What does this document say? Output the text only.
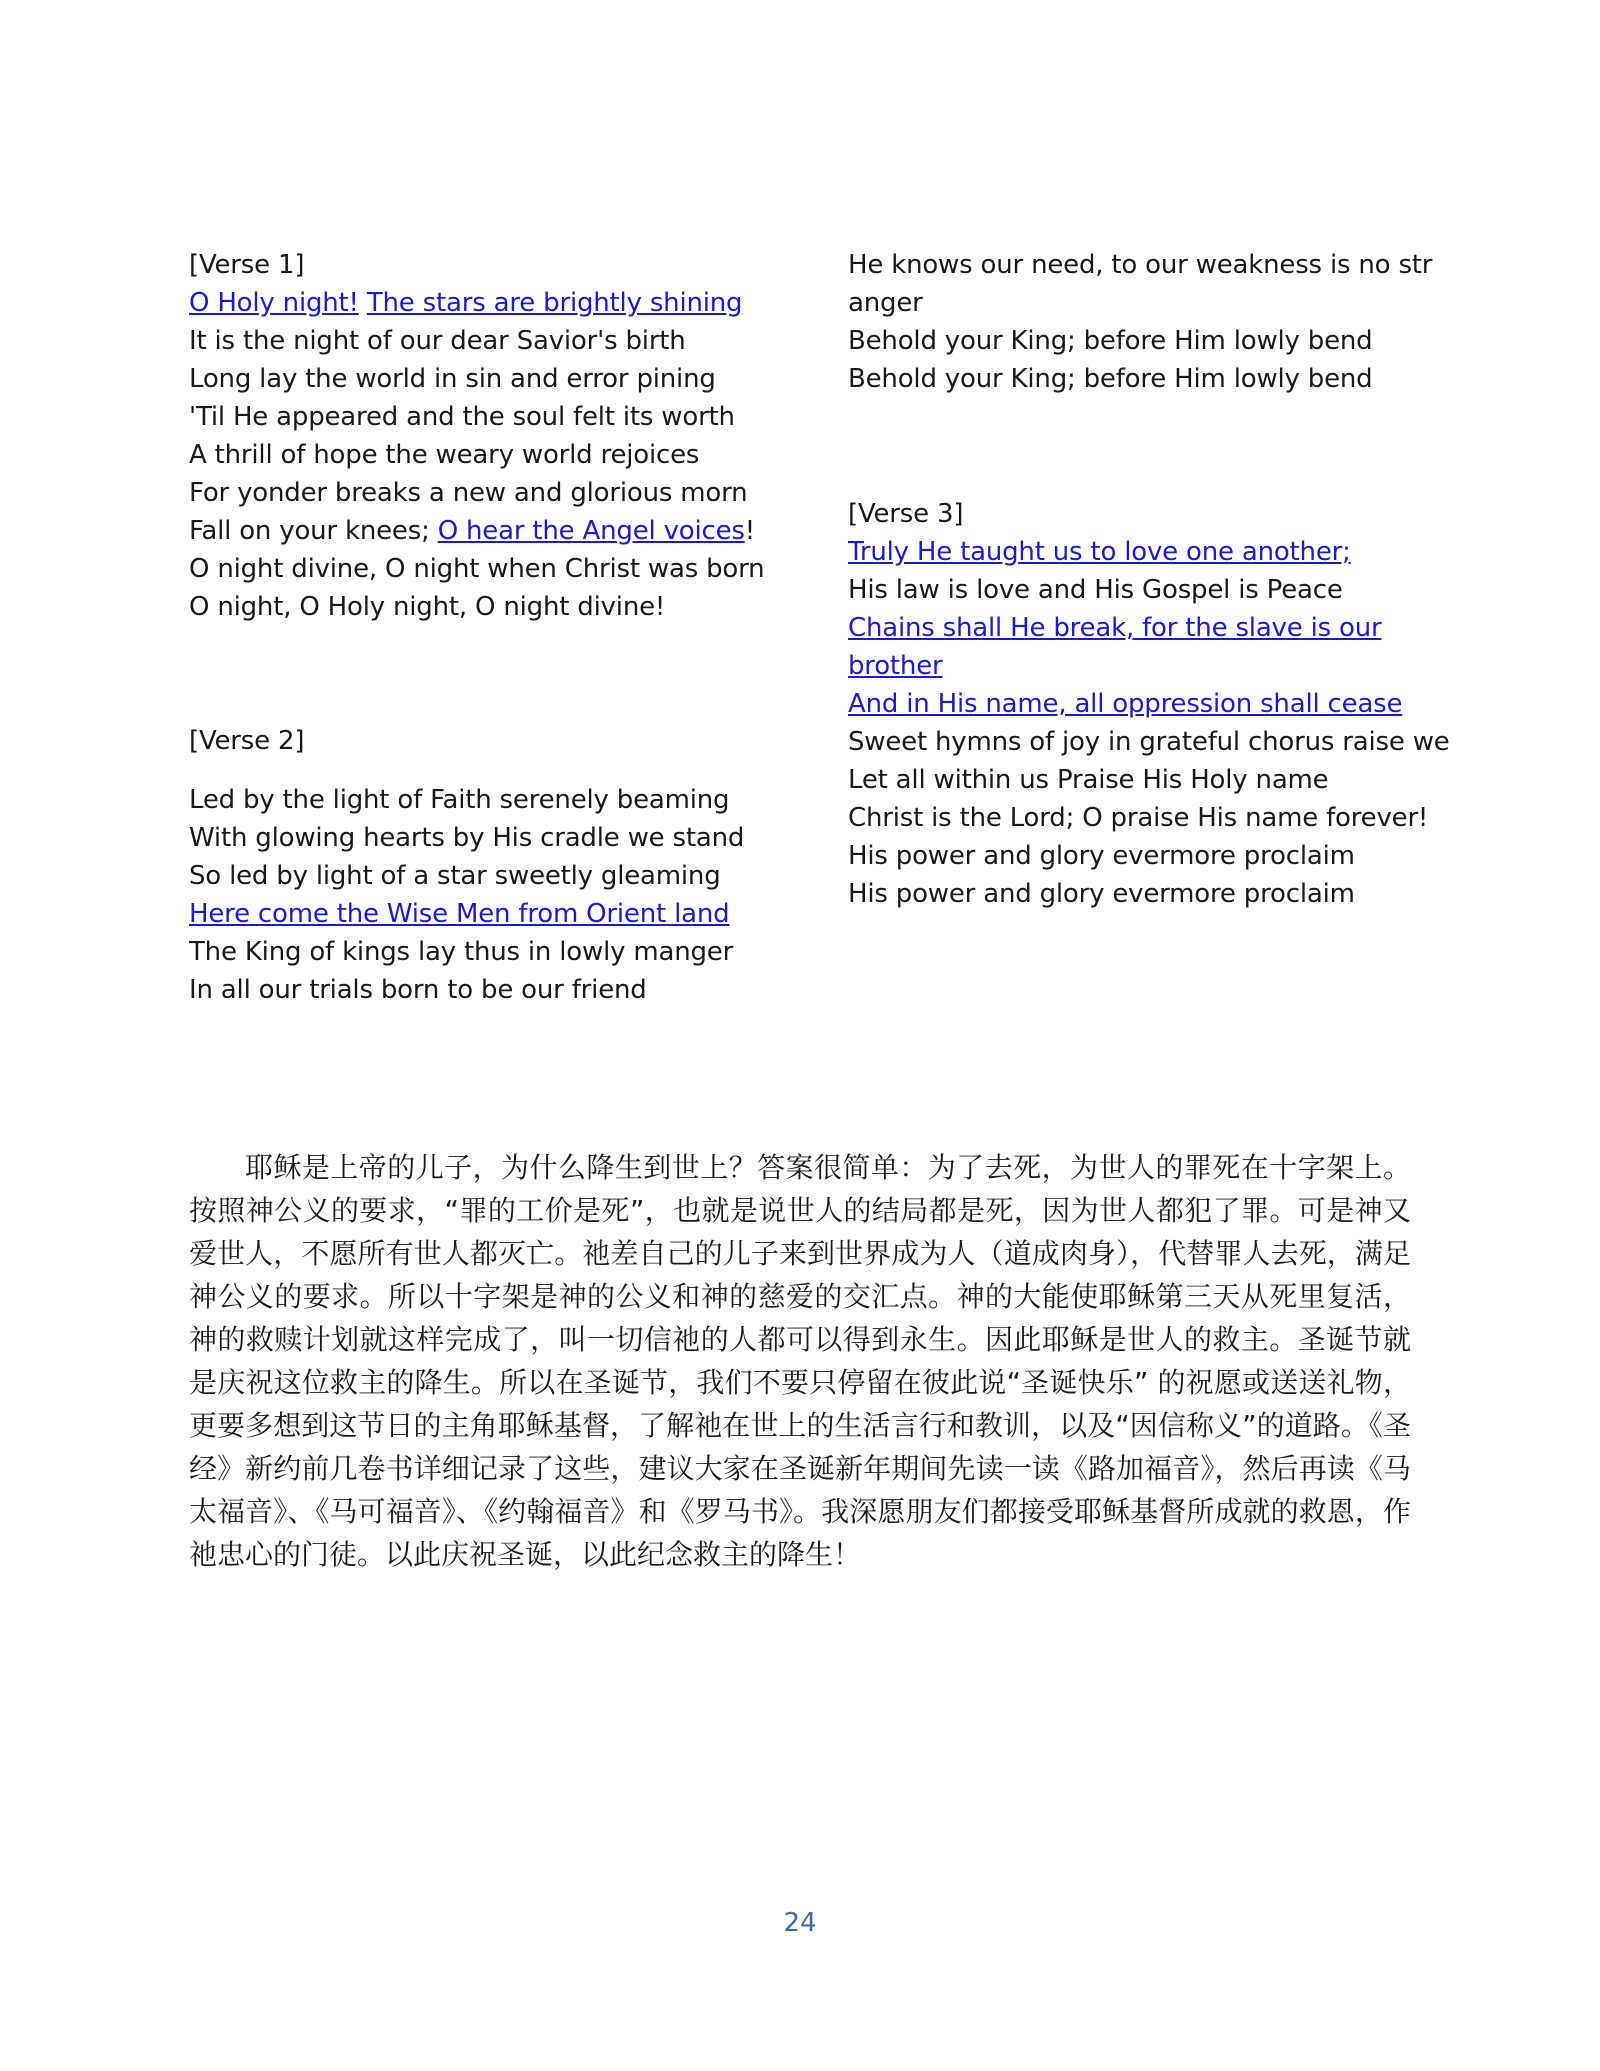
[Verse 1]
O Holy night! The stars are brightly shining
It is the night of our dear Savior's birth
Long lay the world in sin and error pining
'Til He appeared and the soul felt its worth
A thrill of hope the weary world rejoices
For yonder breaks a new and glorious morn
Fall on your knees; O hear the Angel voices!
O night divine, O night when Christ was born
O night, O Holy night, O night divine!
[Verse 2]
Led by the light of Faith serenely beaming
With glowing hearts by His cradle we stand
So led by light of a star sweetly gleaming
Here come the Wise Men from Orient land
The King of kings lay thus in lowly manger
In all our trials born to be our friend
He knows our need, to our weakness is no str
anger
Behold your King; before Him lowly bend
Behold your King; before Him lowly bend
[Verse 3]
Truly He taught us to love one another;
His law is love and His Gospel is Peace
Chains shall He break, for the slave is our
brother
And in His name, all oppression shall cease
Sweet hymns of joy in grateful chorus raise we
Let all within us Praise His Holy name
Christ is the Lord; O praise His name forever!
His power and glory evermore proclaim
His power and glory evermore proclaim

耶稣是上帝的儿子，为什么降生到世上？答案很简单：为了去死，为世人的罪死在十字架上。按照神公义的要求，“罪的工价是死”，也就是说世人的结局都是死，因为世人都犯了罪。可是神又爱世人，不愿所有世人都灭亡。祂差自己的儿子来到世界成为人（道成肉身），代替罪人去死，满足神公义的要求。所以十字架是神的公义和神的慈爱的交汇点。神的大能使耶稣第三天从死里复活，神的救赎计划就这样完成了，叫一切信祂的人都可以得到永生。因此耶稣是世人的救主。圣诞节就是庆祝这位救主的降生。所以在圣诞节，我们不要只停留在彼此说“圣诞快乐” 的祝愿或送送礼物，更要多想到这节日的主角耶稣基督，了解祂在世上的生活言行和教训，以及“因信称义”的道路。《圣经》新约前几卷书详细记录了这些，建议大家在圣诞新年期间先读一读《路加福音》，然后再读《马太福音》、《马可福音》、《约翰福音》和《罗马书》。我深愿朋友们都接受耶稣基督所成就的救恩，作祂忠心的门徒。以此庆祝圣诞，以此纪念救主的降生！

24
